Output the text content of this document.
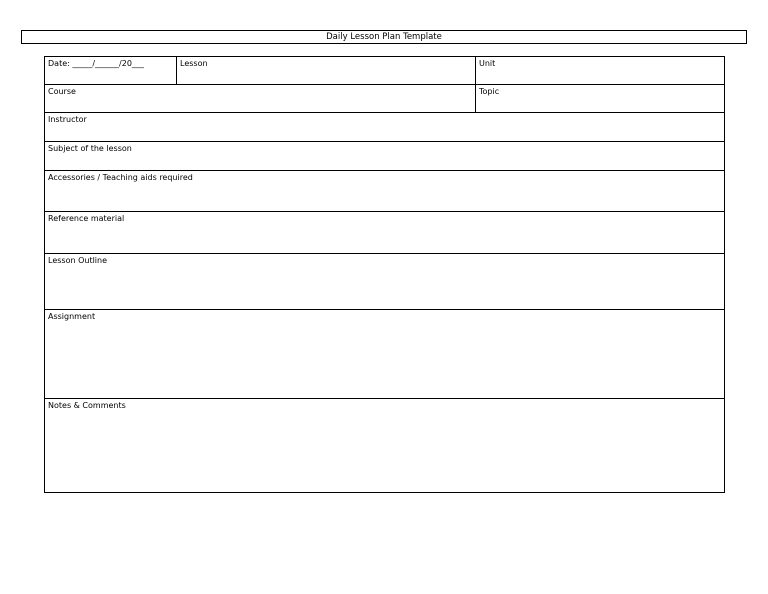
Daily Lesson Plan Template
Date: _____/______/20___	Lesson	Unit
Course		Topic
Instructor		
Subject of the lesson		
Accessories / Teaching aids required		
Reference material		
Lesson Outline		
Assignment		
Notes & Comments		
